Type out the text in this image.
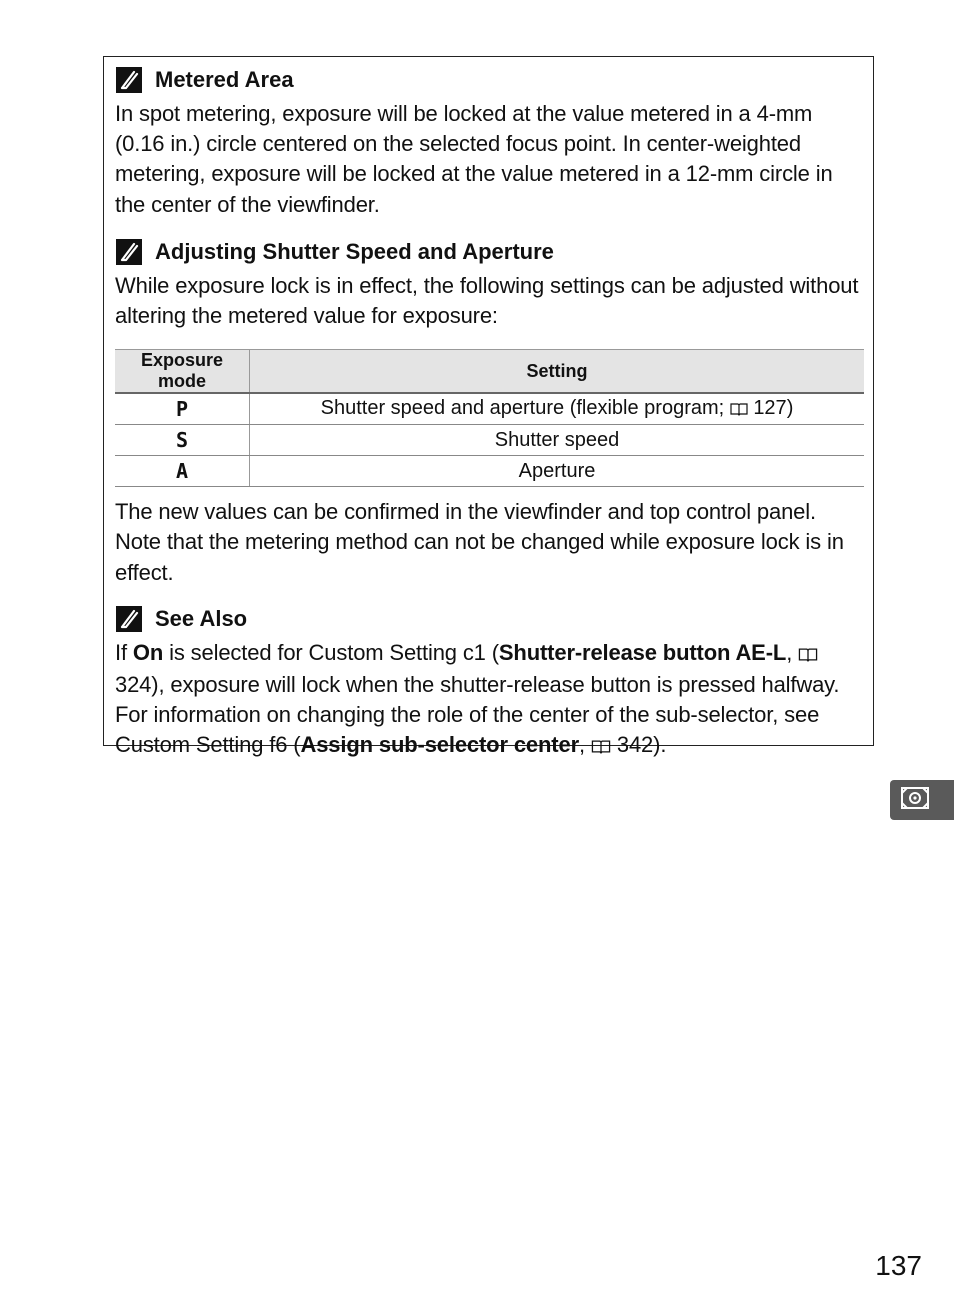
Metered Area

In spot metering, exposure will be locked at the value metered in a 4-mm (0.16 in.) circle centered on the selected focus point. In center-weighted metering, exposure will be locked at the value metered in a 12-mm circle in the center of the viewfinder.

Adjusting Shutter Speed and Aperture

While exposure lock is in effect, the following settings can be adjusted without altering the metered value for exposure:

Exposure mode	Setting
P	Shutter speed and aperture (flexible program;  127)
S	Shutter speed
A	Aperture

The new values can be confirmed in the viewfinder and top control panel. Note that the metering method can not be changed while exposure lock is in effect.

See Also

If On is selected for Custom Setting c1 (Shutter-release button AE-L,  324), exposure will lock when the shutter-release button is pressed halfway. For information on changing the role of the center of the sub-selector, see Custom Setting f6 (Assign sub-selector center,  342).

137
